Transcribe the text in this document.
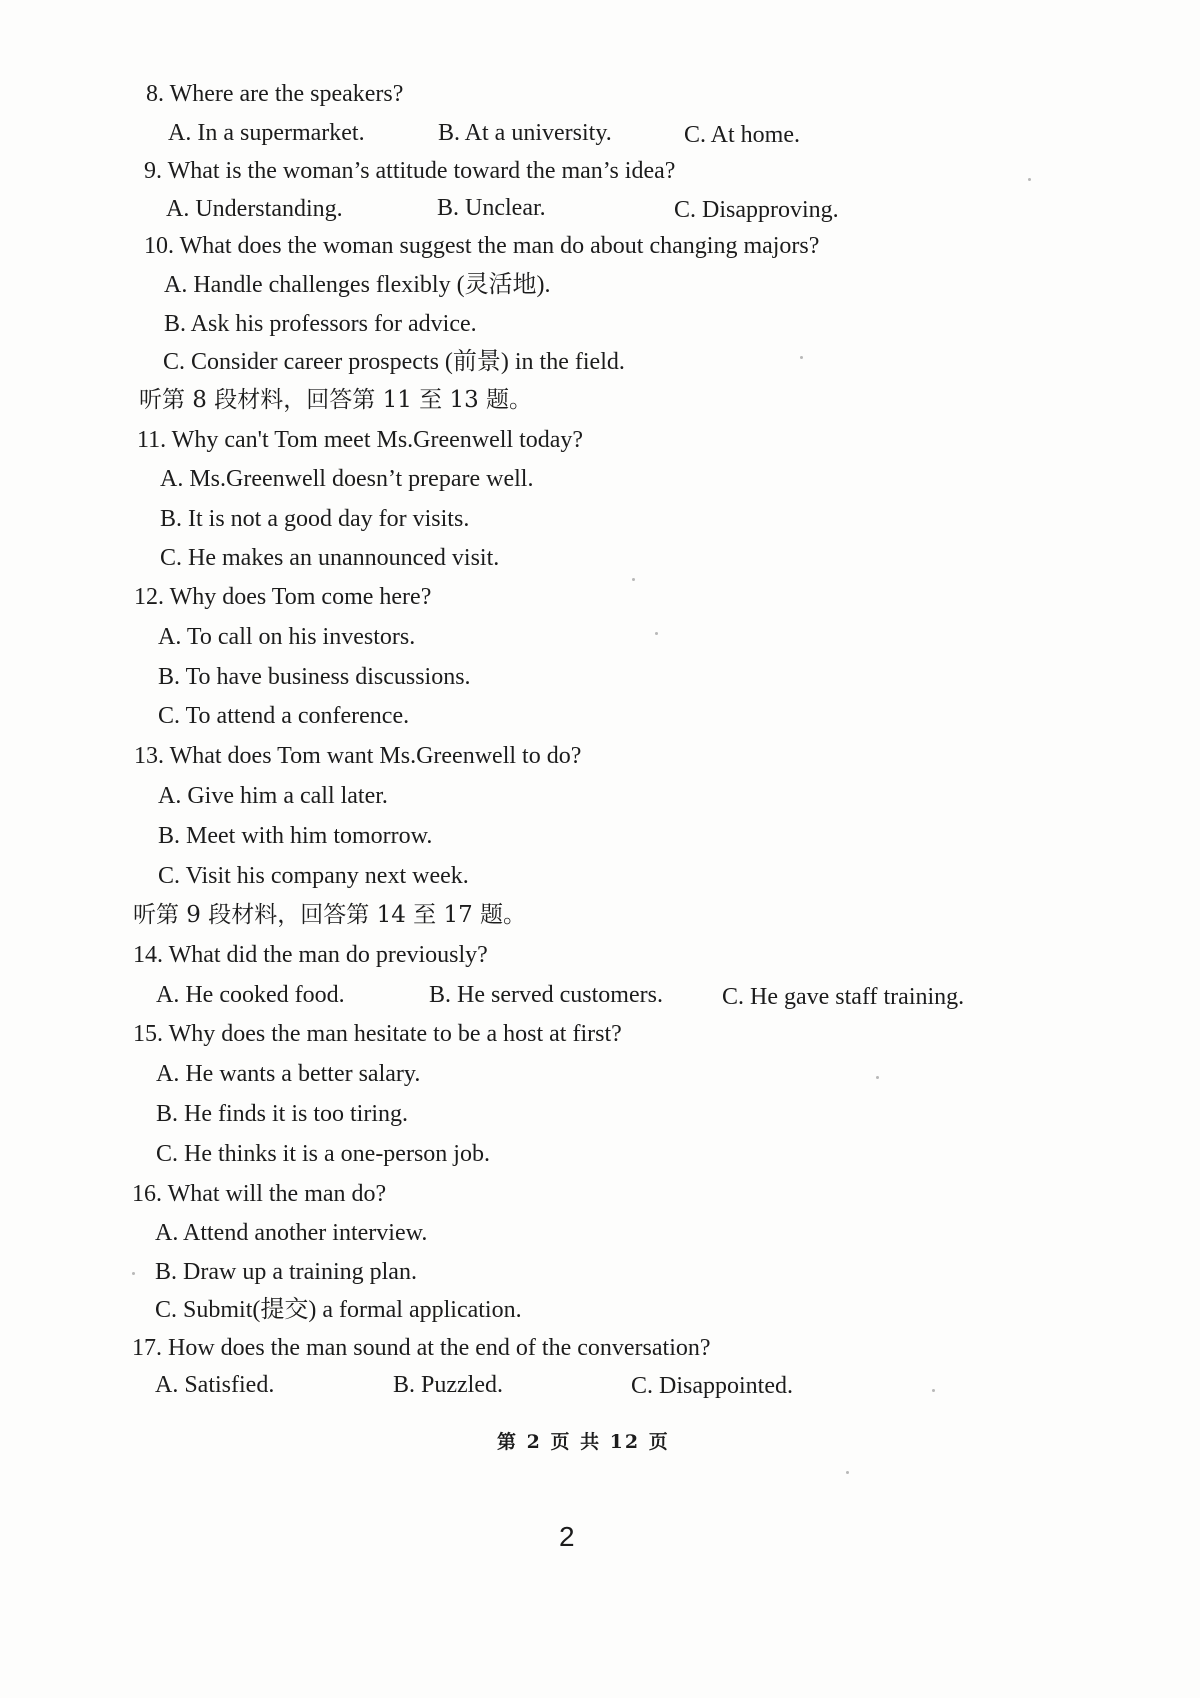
8. Where are the speakers?
A. In a supermarket.	B. At a university.	C. At home.
9. What is the woman’s attitude toward the man’s idea?
A. Understanding.	B. Unclear.	C. Disapproving.
10. What does the woman suggest the man do about changing majors?
A. Handle challenges flexibly (灵活地).
B. Ask his professors for advice.
C. Consider career prospects (前景) in the field.
听第 8 段材料，回答第 11 至 13 题。
11. Why can't Tom meet Ms.Greenwell today?
A. Ms.Greenwell doesn’t prepare well.
B. It is not a good day for visits.
C. He makes an unannounced visit.
12. Why does Tom come here?
A. To call on his investors.
B. To have business discussions.
C. To attend a conference.
13. What does Tom want Ms.Greenwell to do?
A. Give him a call later.
B. Meet with him tomorrow.
C. Visit his company next week.
听第 9 段材料，回答第 14 至 17 题。
14. What did the man do previously?
A. He cooked food.	B. He served customers. C. He gave staff training.
15. Why does the man hesitate to be a host at first?
A. He wants a better salary.
B. He finds it is too tiring.
C. He thinks it is a one-person job.
16. What will the man do?
A. Attend another interview.
B. Draw up a training plan.
C. Submit(提交) a formal application.
17. How does the man sound at the end of the conversation?
A. Satisfied.	B. Puzzled.	C. Disappointed.
第 2 页 共 12 页
2
